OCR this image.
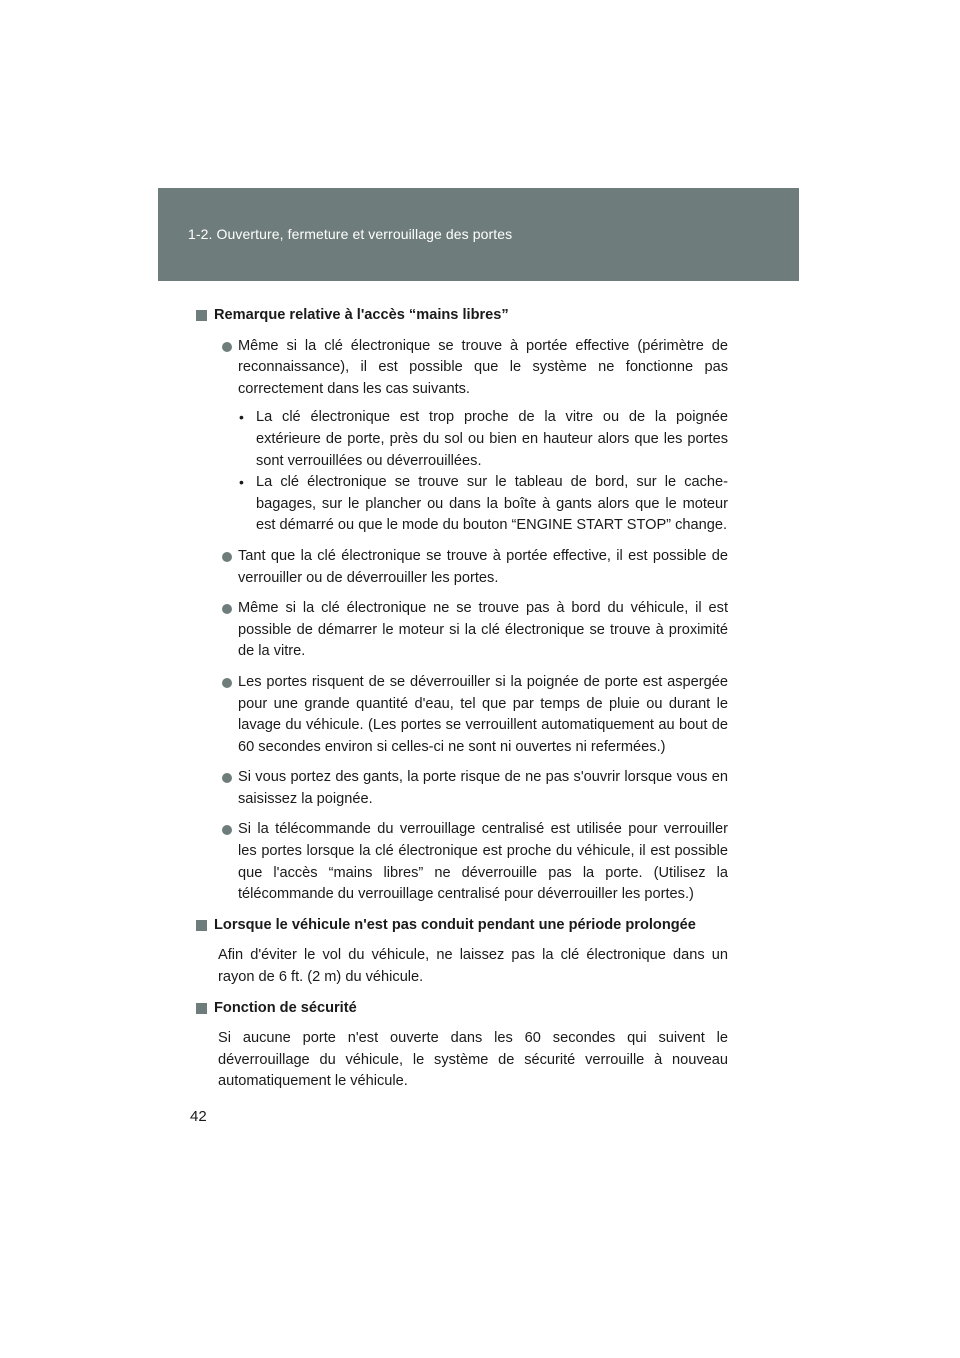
1-2. Ouverture, fermeture et verrouillage des portes
Remarque relative à l'accès “mains libres”
Même si la clé électronique se trouve à portée effective (périmètre de reconnaissance), il est possible que le système ne fonctionne pas correctement dans les cas suivants.
• La clé électronique est trop proche de la vitre ou de la poignée extérieure de porte, près du sol ou bien en hauteur alors que les portes sont verrouillées ou déverrouillées.
• La clé électronique se trouve sur le tableau de bord, sur le cache-bagages, sur le plancher ou dans la boîte à gants alors que le moteur est démarré ou que le mode du bouton “ENGINE START STOP” change.
Tant que la clé électronique se trouve à portée effective, il est possible de verrouiller ou de déverrouiller les portes.
Même si la clé électronique ne se trouve pas à bord du véhicule, il est possible de démarrer le moteur si la clé électronique se trouve à proximité de la vitre.
Les portes risquent de se déverrouiller si la poignée de porte est aspergée pour une grande quantité d'eau, tel que par temps de pluie ou durant le lavage du véhicule. (Les portes se verrouillent automatiquement au bout de 60 secondes environ si celles-ci ne sont ni ouvertes ni refermées.)
Si vous portez des gants, la porte risque de ne pas s'ouvrir lorsque vous en saisissez la poignée.
Si la télécommande du verrouillage centralisé est utilisée pour verrouiller les portes lorsque la clé électronique est proche du véhicule, il est possible que l'accès “mains libres” ne déverrouille pas la porte. (Utilisez la télécommande du verrouillage centralisé pour déverrouiller les portes.)
Lorsque le véhicule n'est pas conduit pendant une période prolongée
Afin d'éviter le vol du véhicule, ne laissez pas la clé électronique dans un rayon de 6 ft. (2 m) du véhicule.
Fonction de sécurité
Si aucune porte n'est ouverte dans les 60 secondes qui suivent le déverrouillage du véhicule, le système de sécurité verrouille à nouveau automatiquement le véhicule.
42
